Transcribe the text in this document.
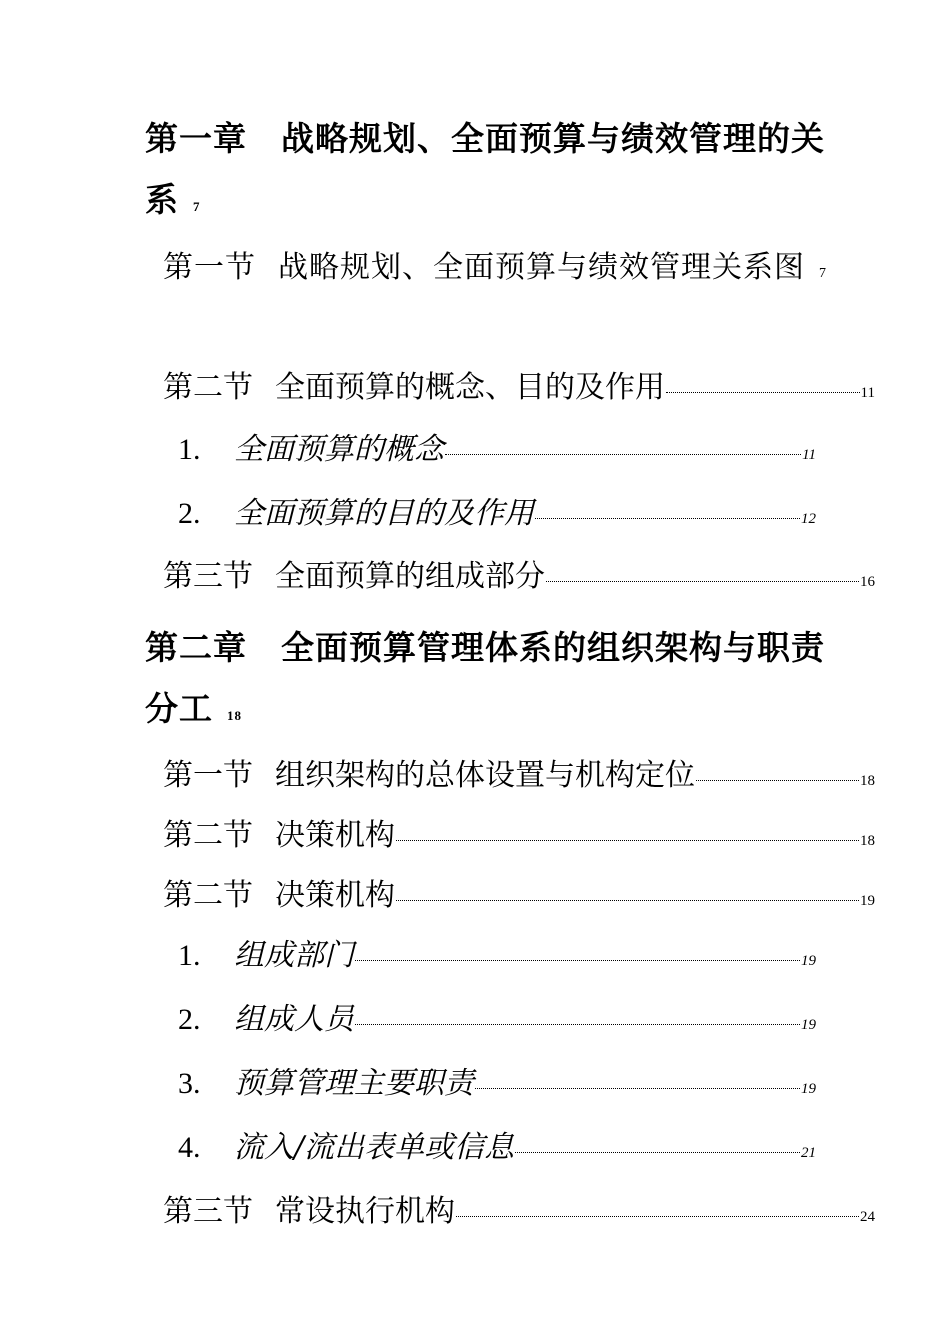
第一章 战略规划、全面预算与绩效管理的关系 7
第一节 战略规划、全面预算与绩效管理关系图 7
第二节 全面预算的概念、目的及作用	11
1. 全面预算的概念	11
2. 全面预算的目的及作用	12
第三节 全面预算的组成部分	16
第二章 全面预算管理体系的组织架构与职责分工 18
第一节 组织架构的总体设置与机构定位	18
第二节 决策机构	18
第二节 决策机构	19
1. 组成部门	19
2. 组成人员	19
3. 预算管理主要职责	19
4. 流入/流出表单或信息	21
第三节 常设执行机构	24
